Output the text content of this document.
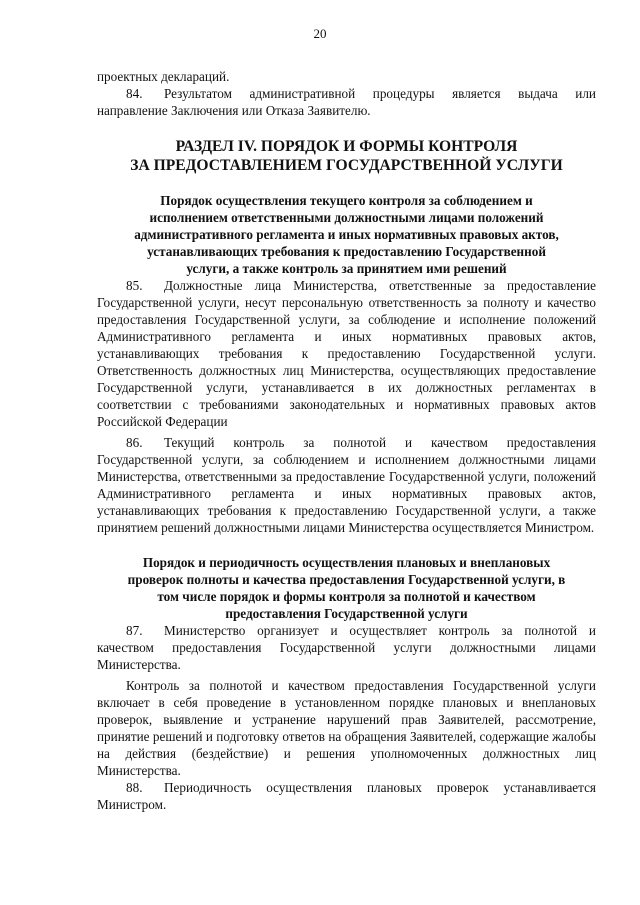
20

проектных деклараций.

84. Результатом административной процедуры является выдача или направление Заключения или Отказа Заявителю.

РАЗДЕЛ IV. ПОРЯДОК И ФОРМЫ КОНТРОЛЯ
ЗА ПРЕДОСТАВЛЕНИЕМ ГОСУДАРСТВЕННОЙ УСЛУГИ
Порядок осуществления текущего контроля за соблюдением и
исполнением ответственными должностными лицами положений
административного регламента и иных нормативных правовых актов,
устанавливающих требования к предоставлению Государственной
услуги, а также контроль за принятием ими решений

85. Должностные лица Министерства, ответственные за предоставление Государственной услуги, несут персональную ответственность за полноту и качество предоставления Государственной услуги, за соблюдение и исполнение положений Административного регламента и иных нормативных правовых актов, устанавливающих требования к предоставлению Государственной услуги. Ответственность должностных лиц Министерства, осуществляющих предоставление Государственной услуги, устанавливается в их должностных регламентах в соответствии с требованиями законодательных и нормативных правовых актов Российской Федерации

86. Текущий контроль за полнотой и качеством предоставления Государственной услуги, за соблюдением и исполнением должностными лицами Министерства, ответственными за предоставление Государственной услуги, положений Административного регламента и иных нормативных правовых актов, устанавливающих требования к предоставлению Государственной услуги, а также принятием решений должностными лицами Министерства осуществляется Министром.

Порядок и периодичность осуществления плановых и внеплановых
проверок полноты и качества предоставления Государственной услуги, в
том числе порядок и формы контроля за полнотой и качеством
предоставления Государственной услуги

87. Министерство организует и осуществляет контроль за полнотой и качеством предоставления Государственной услуги должностными лицами Министерства.

Контроль за полнотой и качеством предоставления Государственной услуги включает в себя проведение в установленном порядке плановых и внеплановых проверок, выявление и устранение нарушений прав Заявителей, рассмотрение, принятие решений и подготовку ответов на обращения Заявителей, содержащие жалобы на действия (бездействие) и решения уполномоченных должностных лиц Министерства.

88. Периодичность осуществления плановых проверок устанавливается Министром.
